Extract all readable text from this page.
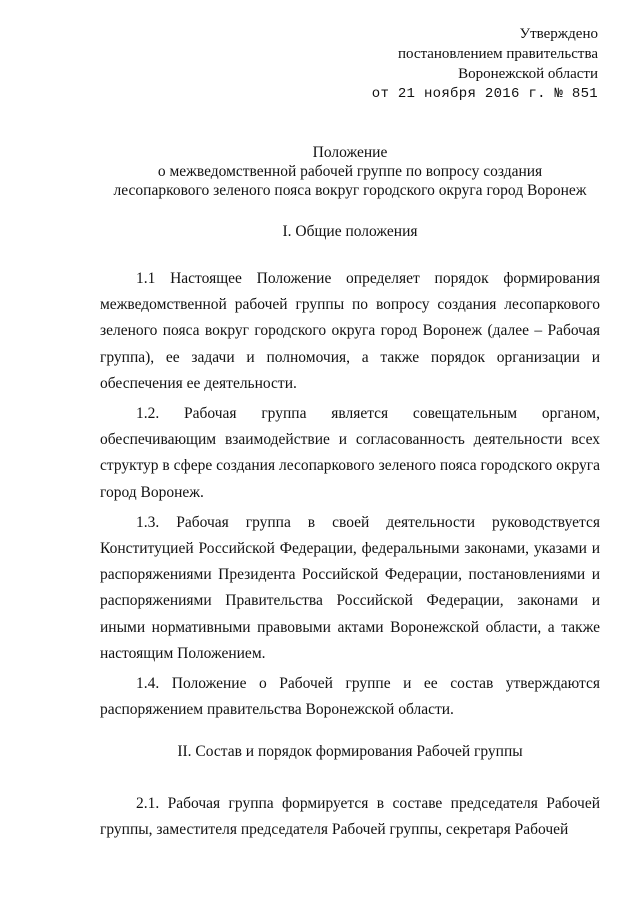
Утверждено
постановлением правительства
Воронежской области
от 21 ноября 2016 г. № 851
Положение
о межведомственной рабочей группе по вопросу создания
лесопаркового зеленого пояса вокруг городского округа город Воронеж
I. Общие положения

1.1 Настоящее Положение определяет порядок формирования межведомственной рабочей группы по вопросу создания лесопаркового зеленого пояса вокруг городского округа город Воронеж (далее – Рабочая группа), ее задачи и полномочия, а также порядок организации и обеспечения ее деятельности.

1.2. Рабочая группа является совещательным органом, обеспечивающим взаимодействие и согласованность деятельности всех структур в сфере создания лесопаркового зеленого пояса городского округа город Воронеж.

1.3. Рабочая группа в своей деятельности руководствуется Конституцией Российской Федерации, федеральными законами, указами и распоряжениями Президента Российской Федерации, постановлениями и распоряжениями Правительства Российской Федерации, законами и иными нормативными правовыми актами Воронежской области, а также настоящим Положением.

1.4. Положение о Рабочей группе и ее состав утверждаются распоряжением правительства Воронежской области.

II. Состав и порядок формирования Рабочей группы

2.1. Рабочая группа формируется в составе председателя Рабочей группы, заместителя председателя Рабочей группы, секретаря Рабочей
